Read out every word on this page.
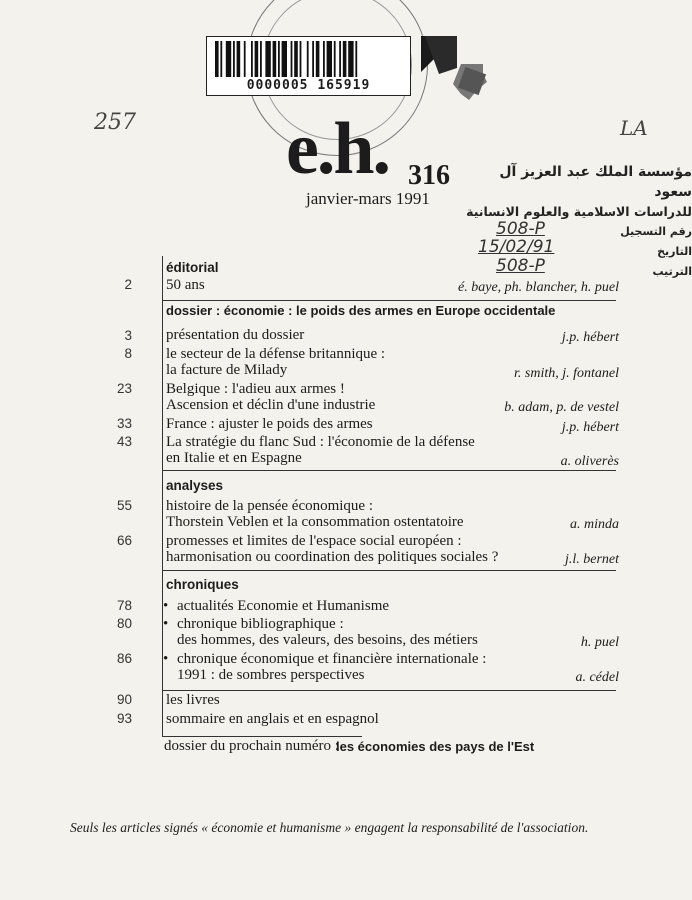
0000005 165919
257	LA
e.h. 316
janvier-mars 1991
مؤسسة الملك عبد العزيز آل سعود
للدراسات الاسلامية والعلوم الانسانية
رقم التسجيل
التاريخ
الترتيب
508-P
15/02/91
508-P
éditorial
2 50 ans	é. baye, ph. blancher, h. puel
dossier : économie : le poids des armes en Europe occidentale
3 présentation du dossier	j.p. hébert
8 le secteur de la défense britannique :
la facture de Milady	r. smith, j. fontanel
23 Belgique : l'adieu aux armes !
Ascension et déclin d'une industrie	b. adam, p. de vestel
33 France : ajuster le poids des armes	j.p. hébert
43 La stratégie du flanc Sud : l'économie de la défense
en Italie et en Espagne	a. oliverès
analyses
55 histoire de la pensée économique :
Thorstein Veblen et la consommation ostentatoire	a. minda
66 promesses et limites de l'espace social européen :
harmonisation ou coordination des politiques sociales ?	j.l. bernet
chroniques
78 • actualités Economie et Humanisme
80 • chronique bibliographique :
des hommes, des valeurs, des besoins, des métiers	h. puel
86 • chronique économique et financière internationale :
1991 : de sombres perspectives	a. cédel
90 les livres
93 sommaire en anglais et en espagnol
dossier du prochain numéro :
les économies des pays de l'Est
Seuls les articles signés « économie et humanisme » engagent la responsabilité de l'association.
